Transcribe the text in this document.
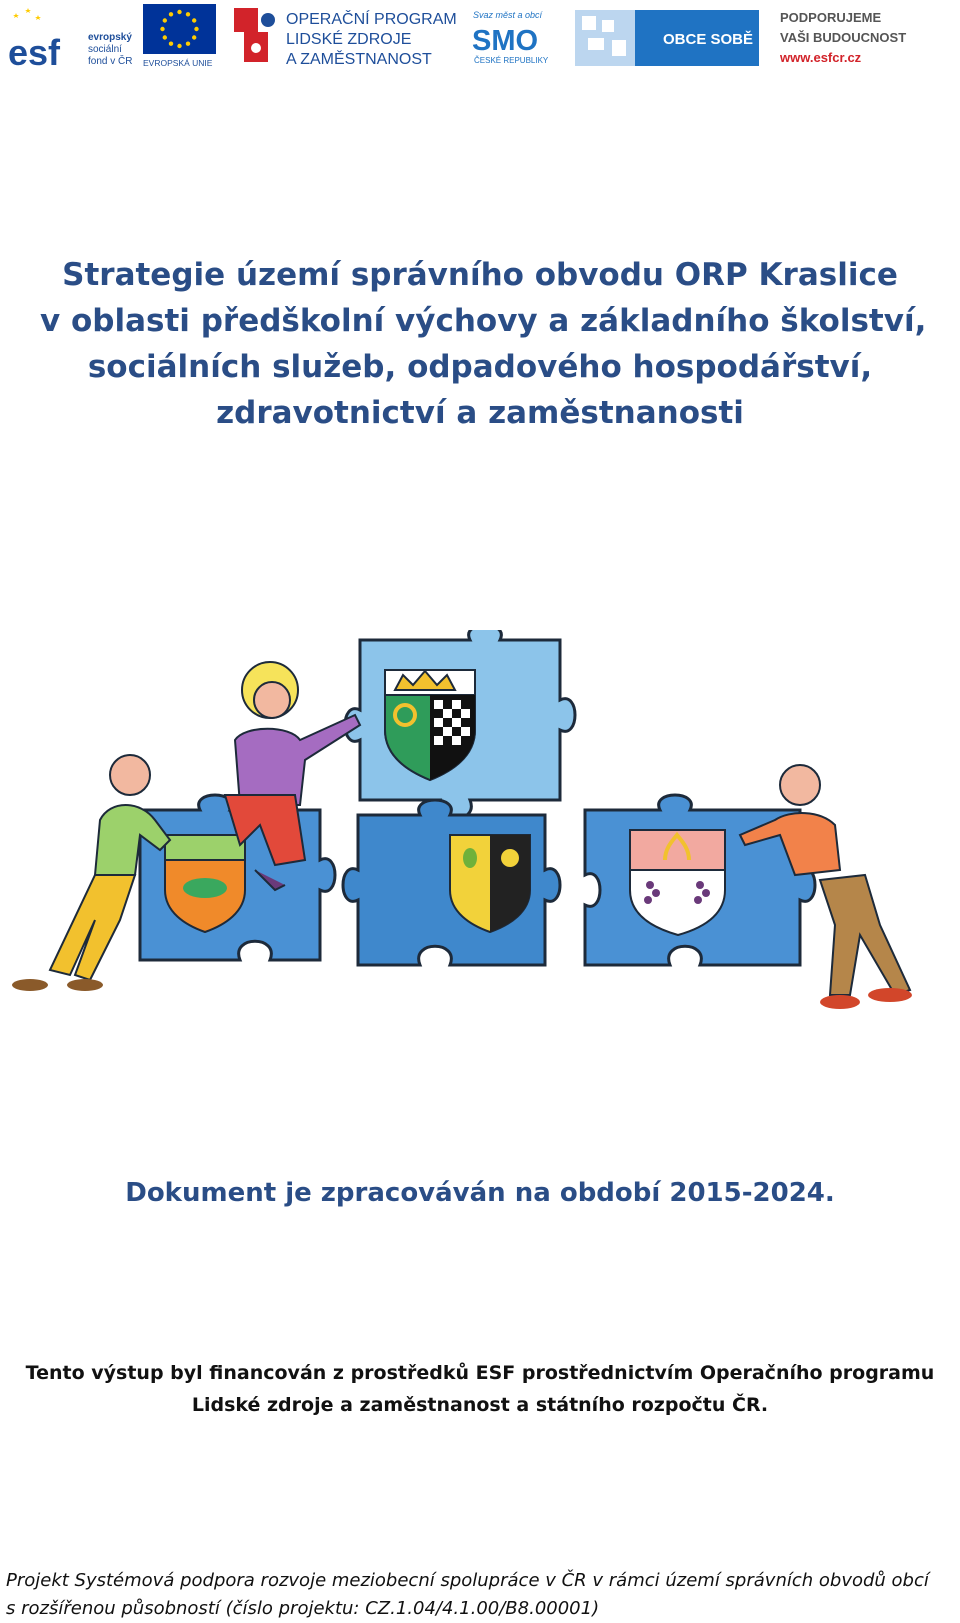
esf	evropský
sociální
fond v ČR EVROPSKÁ UNIE
OPERAČNÍ PROGRAM
LIDSKÉ ZDROJE
A ZAMĚSTNANOST
Svaz měst a obcí
SMO
ČESKÉ REPUBLIKY
OBCE SOBĚ
PODPORUJEME
VAŠI BUDOUCNOST
www.esfcr.cz
Strategie území správního obvodu ORP Kraslice
v oblasti předškolní výchovy a základního školství,
sociálních služeb, odpadového hospodářství,
zdravotnictví a zaměstnanosti
Dokument je zpracováván na období 2015-2024.
Tento výstup byl financován z prostředků ESF prostřednictvím Operačního programu
Lidské zdroje a zaměstnanost a státního rozpočtu ČR.
Projekt Systémová podpora rozvoje meziobecní spolupráce v ČR v rámci území správních obvodů obcí
s rozšířenou působností (číslo projektu: CZ.1.04/4.1.00/B8.00001)
